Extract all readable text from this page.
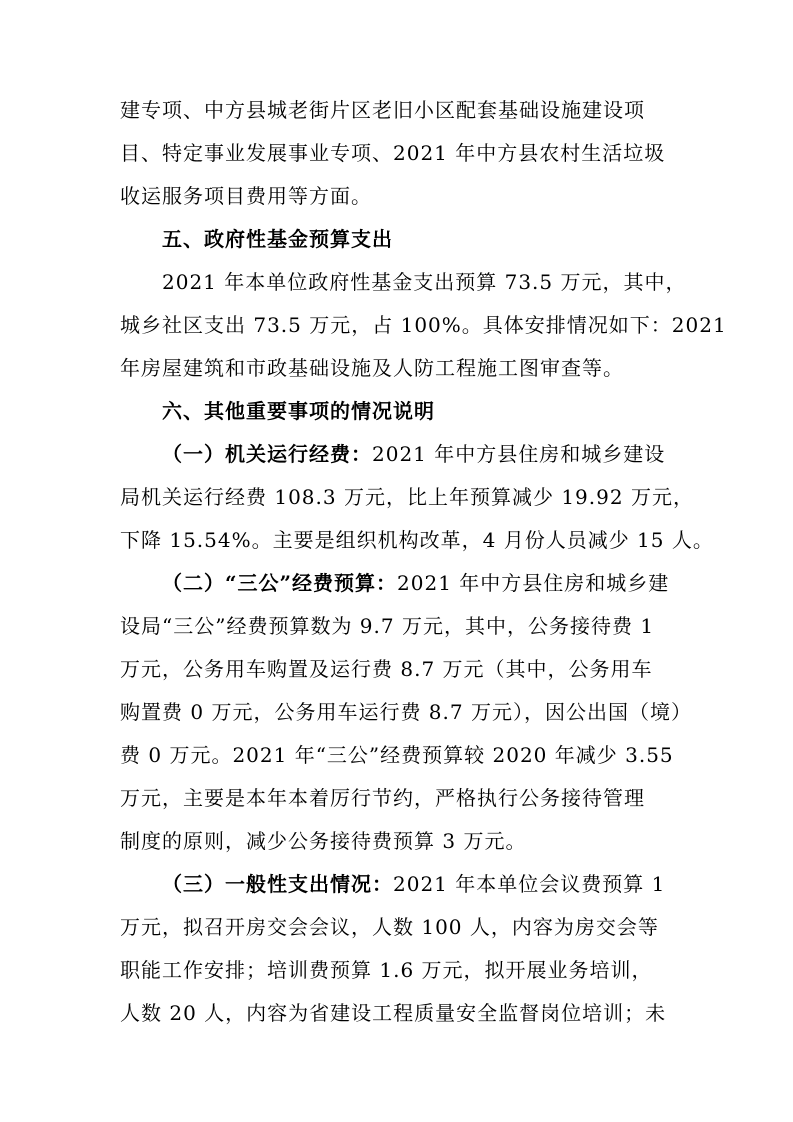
建专项、中方县城老街片区老旧小区配套基础设施建设项
目、特定事业发展事业专项、2021 年中方县农村生活垃圾
收运服务项目费用等方面。
五、政府性基金预算支出
2021 年本单位政府性基金支出预算 73.5 万元，其中，
城乡社区支出 73.5 万元，占 100%。具体安排情况如下：2021
年房屋建筑和市政基础设施及人防工程施工图审查等。
六、其他重要事项的情况说明
（一）机关运行经费：2021 年中方县住房和城乡建设
局机关运行经费 108.3 万元，比上年预算减少 19.92 万元，
下降 15.54%。主要是组织机构改革，4 月份人员减少 15 人。
（二）“三公”经费预算：2021 年中方县住房和城乡建
设局“三公”经费预算数为 9.7 万元，其中，公务接待费 1
万元，公务用车购置及运行费 8.7 万元（其中，公务用车
购置费 0 万元，公务用车运行费 8.7 万元），因公出国（境）
费 0 万元。2021 年“三公”经费预算较 2020 年减少 3.55
万元，主要是本年本着厉行节约，严格执行公务接待管理
制度的原则，减少公务接待费预算 3 万元。
（三）一般性支出情况：2021 年本单位会议费预算 1
万元，拟召开房交会会议，人数 100 人，内容为房交会等
职能工作安排；培训费预算 1.6 万元，拟开展业务培训，
人数 20 人，内容为省建设工程质量安全监督岗位培训；未
